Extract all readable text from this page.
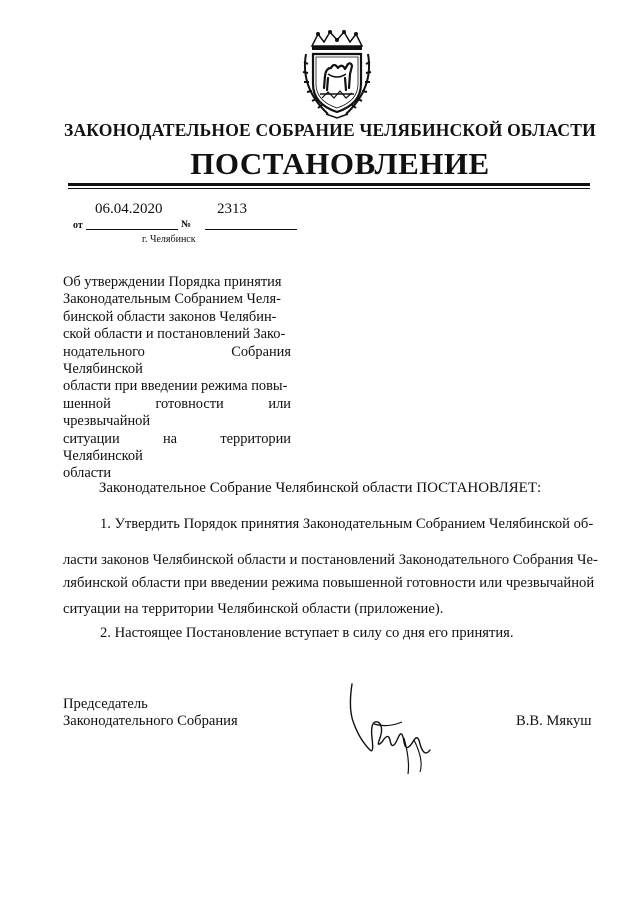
ЗАКОНОДАТЕЛЬНОЕ СОБРАНИЕ ЧЕЛЯБИНСКОЙ ОБЛАСТИ
ПОСТАНОВЛЕНИЕ
06.04.2020	2313
от	№
г. Челябинск
Об утверждении Порядка принятия
Законодательным Собранием Челя-
бинской области законов Челябин-
ской области и постановлений Зако-
нодательного Собрания Челябинской
области при введении режима повы-
шенной готовности или чрезвычайной
ситуации на территории Челябинской
области
Законодательное Собрание Челябинской области ПОСТАНОВЛЯЕТ:
1. Утвердить Порядок принятия Законодательным Собранием Челябинской об-
ласти законов Челябинской области и постановлений Законодательного Собрания Че-
лябинской области при введении режима повышенной готовности или чрезвычайной
ситуации на территории Челябинской области (приложение).
2. Настоящее Постановление вступает в силу со дня его принятия.
Председатель
Законодательного Собрания	В.В. Мякуш
